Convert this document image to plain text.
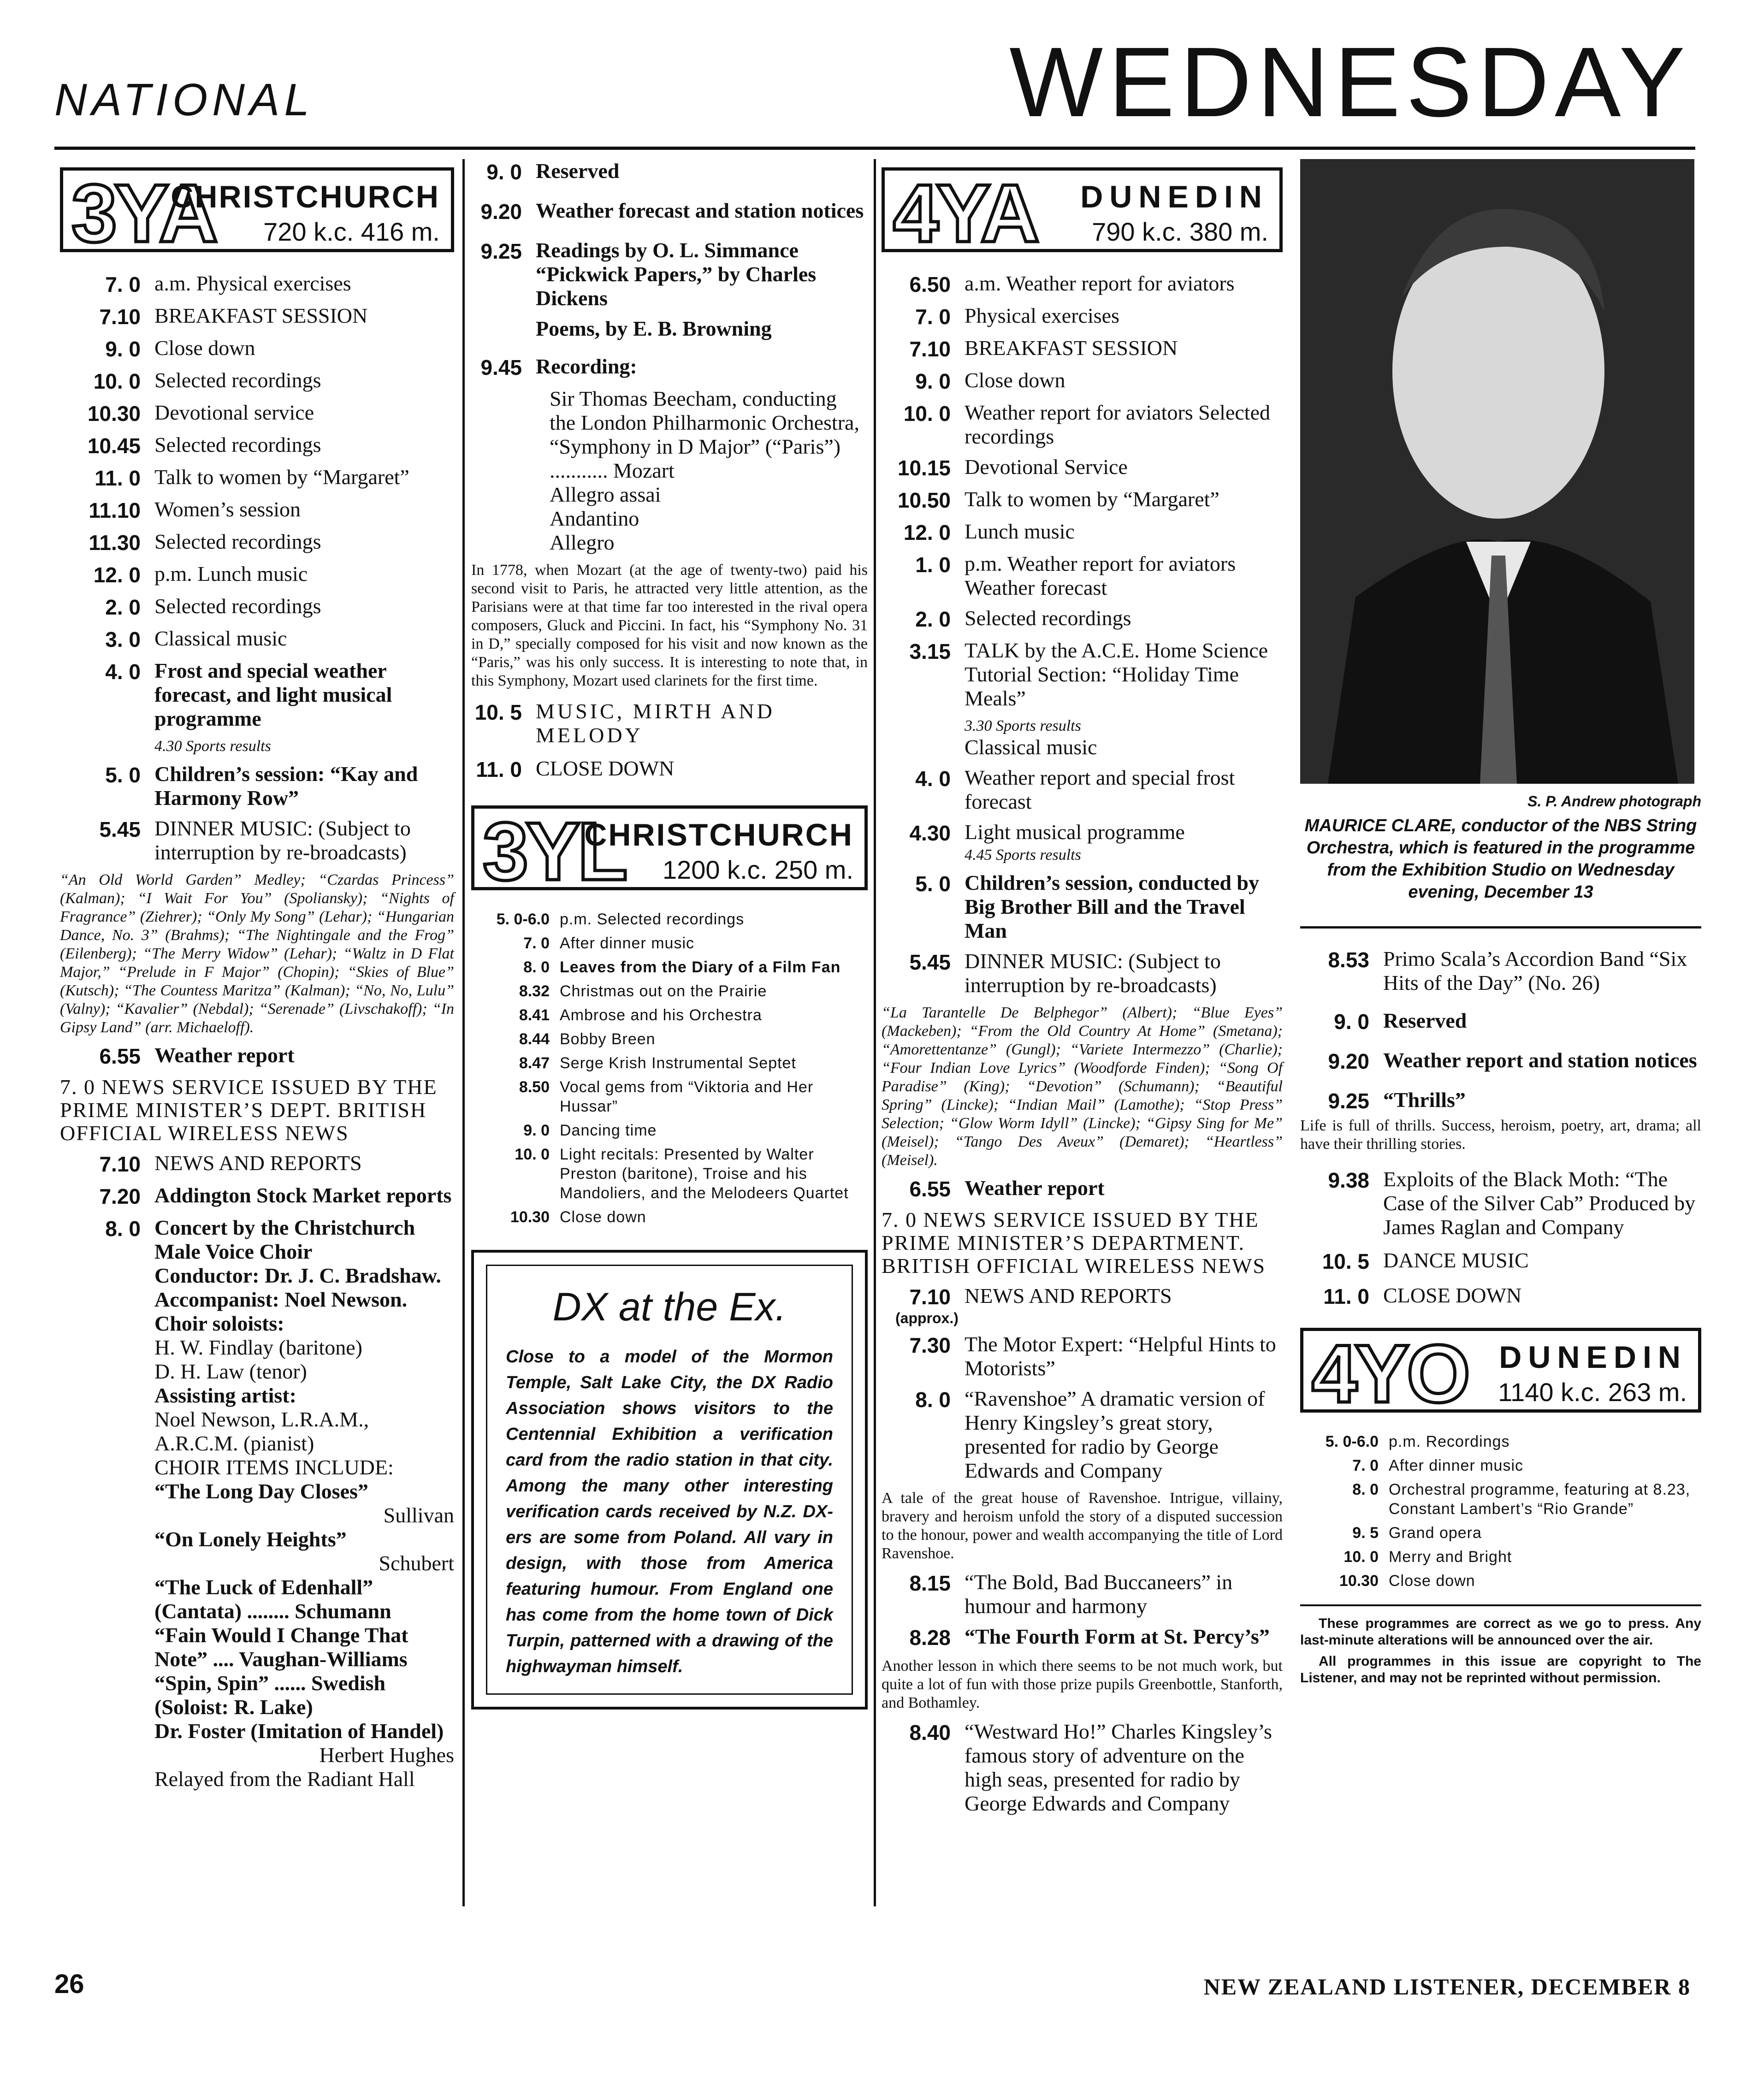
NATIONAL	WEDNESDAY
3YA
CHRISTCHURCH
720 k.c. 416 m.
7. 0 a.m. Physical exercises
7.10 BREAKFAST SESSION
9. 0 Close down
10. 0 Selected recordings
10.30 Devotional service
10.45 Selected recordings
11. 0 Talk to women by “Margaret”
11.10 Women’s session
11.30 Selected recordings
12. 0 p.m. Lunch music
2. 0 Selected recordings
3. 0 Classical music
4. 0 Frost and special weather forecast, and light musical programme
4.30 Sports results
5. 0 Children’s session: “Kay and Harmony Row”
5.45 DINNER MUSIC: (Subject to interruption by re-broadcasts)
“An Old World Garden” Medley; “Czardas Princess” (Kalman); “I Wait For You” (Spoliansky); “Nights of Fragrance” (Ziehrer); “Only My Song” (Lehar); “Hungarian Dance, No. 3” (Brahms); “The Nightingale and the Frog” (Eilenberg); “The Merry Widow” (Lehar); “Waltz in D Flat Major,” “Prelude in F Major” (Chopin); “Skies of Blue” (Kutsch); “The Countess Maritza” (Kalman); “No, No, Lulu” (Valny); “Kavalier” (Nebdal); “Serenade” (Livschakoff); “In Gipsy Land” (arr. Michaeloff).
6.55 Weather report
7. 0 NEWS SERVICE ISSUED BY THE PRIME MINISTER’S DEPT. BRITISH OFFICIAL WIRELESS NEWS
7.10 NEWS AND REPORTS
7.20 Addington Stock Market reports
8. 0 Concert by the Christchurch Male Voice Choir

Conductor: Dr. J. C. Bradshaw. Accompanist: Noel Newson.

Choir soloists:

H. W. Findlay (baritone)

D. H. Law (tenor)

Assisting artist:

Noel Newson, L.R.A.M., A.R.C.M. (pianist)

CHOIR ITEMS INCLUDE:

“The Long Day Closes”

Sullivan

“On Lonely Heights”

Schubert

“The Luck of Edenhall” (Cantata) ........ Schumann

“Fain Would I Change That Note” .... Vaughan-Williams

“Spin, Spin” ...... Swedish (Soloist: R. Lake)

Dr. Foster (Imitation of Handel)

Herbert Hughes

Relayed from the Radiant Hall

9. 0 Reserved
9.20 Weather forecast and station notices
9.25 Readings by O. L. Simmance “Pickwick Papers,” by Charles Dickens
Poems, by E. B. Browning
9.45 Recording:

Sir Thomas Beecham, conducting the London Philharmonic Orchestra,

“Symphony in D Major” (“Paris”) ........... Mozart

Allegro assai

Andantino

Allegro

In 1778, when Mozart (at the age of twenty-two) paid his second visit to Paris, he attracted very little attention, as the Parisians were at that time far too interested in the rival opera composers, Gluck and Piccini. In fact, his “Symphony No. 31 in D,” specially composed for his visit and now known as the “Paris,” was his only success. It is interesting to note that, in this Symphony, Mozart used clarinets for the first time.
10. 5 MUSIC, MIRTH AND MELODY
11. 0 CLOSE DOWN
3YL
CHRISTCHURCH
1200 k.c. 250 m.
5. 0-6.0 p.m. Selected recordings
7. 0 After dinner music
8. 0 Leaves from the Diary of a Film Fan
8.32 Christmas out on the Prairie
8.41 Ambrose and his Orchestra
8.44 Bobby Breen
8.47 Serge Krish Instrumental Septet
8.50 Vocal gems from “Viktoria and Her Hussar”
9. 0 Dancing time
10. 0 Light recitals: Presented by Walter Preston (baritone), Troise and his Mandoliers, and the Melodeers Quartet
10.30 Close down
DX at the Ex.
Close to a model of the Mormon Temple, Salt Lake City, the DX Radio Association shows visitors to the Centennial Exhibition a verification card from the radio station in that city. Among the many other interesting verification cards received by N.Z. DX-ers are some from Poland. All vary in design, with those from America featuring humour. From England one has come from the home town of Dick Turpin, patterned with a drawing of the highwayman himself.
4YA DUNEDIN
790 k.c. 380 m.
6.50 a.m. Weather report for aviators
7. 0 Physical exercises
7.10 BREAKFAST SESSION
9. 0 Close down
10. 0 Weather report for aviators Selected recordings
10.15 Devotional Service
10.50 Talk to women by “Margaret”
12. 0 Lunch music
1. 0 p.m. Weather report for aviators Weather forecast
2. 0 Selected recordings
3.15 TALK by the A.C.E. Home Science Tutorial Section: “Holiday Time Meals”
3.30 Sports results

Classical music

4. 0 Weather report and special frost forecast
4.30 Light musical programme
4.45 Sports results
5. 0 Children’s session, conducted by Big Brother Bill and the Travel Man
5.45 DINNER MUSIC: (Subject to interruption by re-broadcasts)
“La Tarantelle De Belphegor” (Albert); “Blue Eyes” (Mackeben); “From the Old Country At Home” (Smetana); “Amorettentanze” (Gungl); “Variete Intermezzo” (Charlie); “Four Indian Love Lyrics” (Woodforde Finden); “Song Of Paradise” (King); “Devotion” (Schumann); “Beautiful Spring” (Lincke); “Indian Mail” (Lamothe); “Stop Press” Selection; “Glow Worm Idyll” (Lincke); “Gipsy Sing for Me” (Meisel); “Tango Des Aveux” (Demaret); “Heartless” (Meisel).
6.55 Weather report
7. 0 NEWS SERVICE ISSUED BY THE PRIME MINISTER’S DEPARTMENT. BRITISH OFFICIAL WIRELESS NEWS
7.10 NEWS AND REPORTS
(approx.)
7.30 The Motor Expert: “Helpful Hints to Motorists”
8. 0 “Ravenshoe” A dramatic version of Henry Kingsley’s great story, presented for radio by George Edwards and Company
A tale of the great house of Ravenshoe. Intrigue, villainy, bravery and heroism unfold the story of a disputed succession to the honour, power and wealth accompanying the title of Lord Ravenshoe.
8.15 “The Bold, Bad Buccaneers” in humour and harmony
8.28 “The Fourth Form at St. Percy’s”
Another lesson in which there seems to be not much work, but quite a lot of fun with those prize pupils Greenbottle, Stanforth, and Bothamley.
8.40 “Westward Ho!” Charles Kingsley’s famous story of adventure on the high seas, presented for radio by George Edwards and Company
S. P. Andrew photograph
MAURICE CLARE, conductor of the NBS String Orchestra, which is featured in the programme from the Exhibition Studio on Wednesday evening, December 13
8.53 Primo Scala’s Accordion Band “Six Hits of the Day” (No. 26)
9. 0 Reserved
9.20 Weather report and station notices
9.25 “Thrills”
Life is full of thrills. Success, heroism, poetry, art, drama; all have their thrilling stories.
9.38 Exploits of the Black Moth: “The Case of the Silver Cab” Produced by James Raglan and Company
10. 5 DANCE MUSIC
11. 0 CLOSE DOWN
4YO DUNEDIN
1140 k.c. 263 m.
5. 0-6.0 p.m. Recordings
7. 0 After dinner music
8. 0 Orchestral programme, featuring at 8.23, Constant Lambert’s “Rio Grande”
9. 5 Grand opera
10. 0 Merry and Bright
10.30 Close down
These programmes are correct as we go to press. Any last-minute alterations will be announced over the air.
All programmes in this issue are copyright to The Listener, and may not be reprinted without permission.
26	NEW ZEALAND LISTENER, DECEMBER 8
